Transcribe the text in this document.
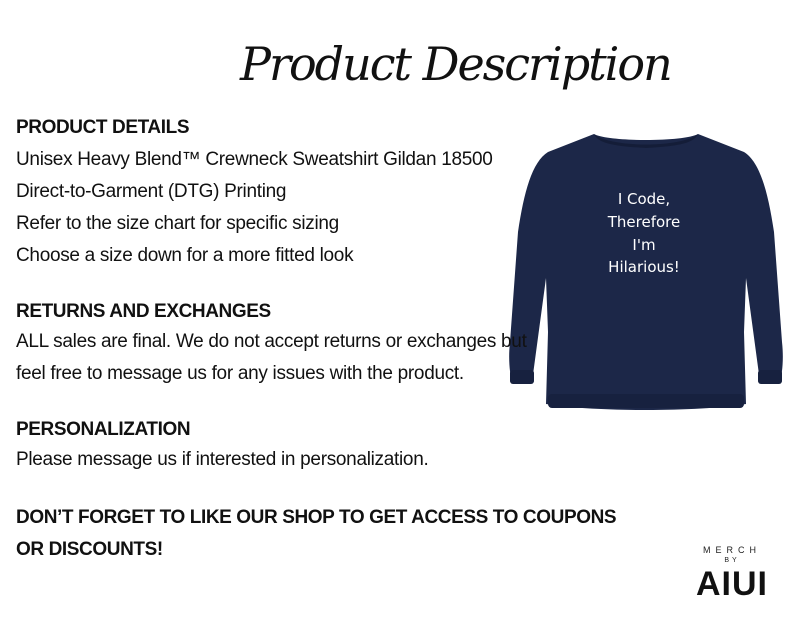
Product Description
I Code,
Therefore
I'm
Hilarious!
PRODUCT DETAILS
Unisex Heavy Blend™ Crewneck Sweatshirt Gildan 18500
Direct-to-Garment (DTG) Printing
Refer to the size chart for specific sizing
Choose a size down for a more fitted look
RETURNS AND EXCHANGES
ALL sales are final. We do not accept returns or exchanges but
feel free to message us for any issues with the product.
PERSONALIZATION
Please message us if interested in personalization.
DON’T FORGET TO LIKE OUR SHOP TO GET ACCESS TO COUPONS
OR DISCOUNTS!	MERCH
BY
AIUI
